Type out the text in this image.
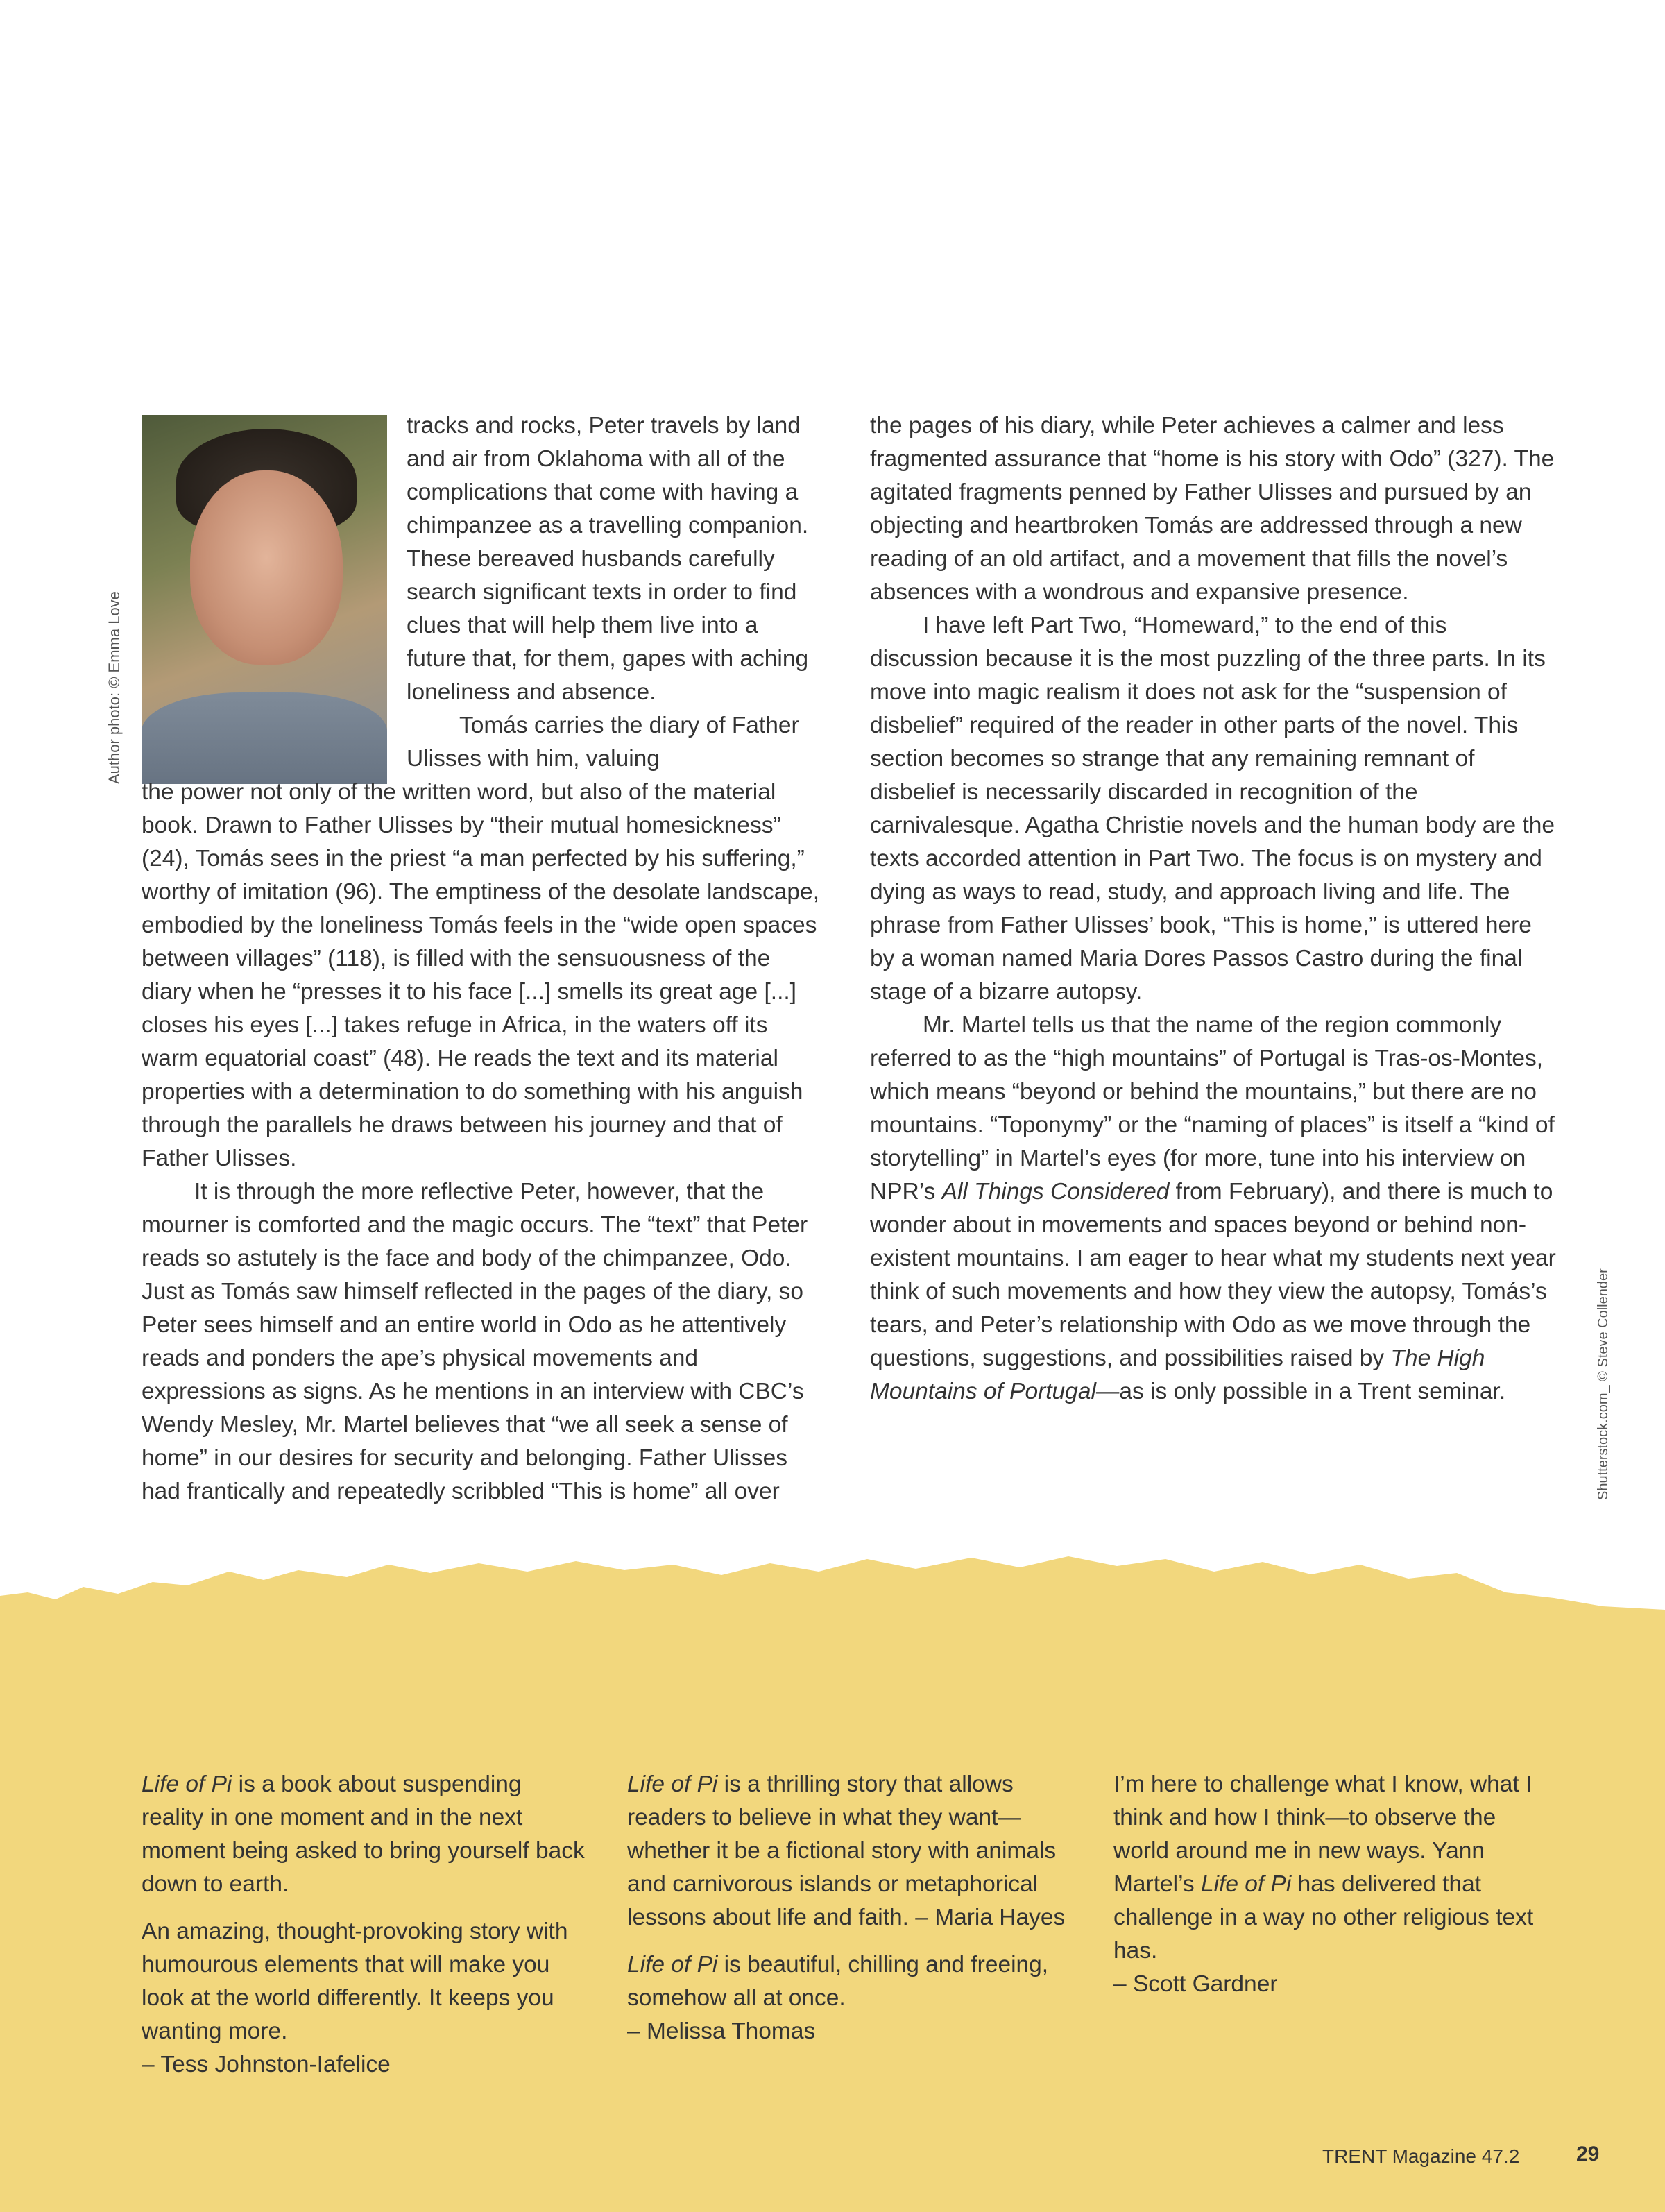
Author photo: © Emma Love
Shutterstock.com_ © Steve Collender

tracks and rocks, Peter travels by land and air from Oklahoma with all of the complications that come with having a chimpanzee as a travelling companion. These bereaved husbands carefully search significant texts in order to find clues that will help them live into a future that, for them, gapes with aching loneliness and absence.

Tomás carries the diary of Father Ulisses with him, valuing

the power not only of the written word, but also of the material book. Drawn to Father Ulisses by “their mutual homesickness” (24), Tomás sees in the priest “a man perfected by his suffering,” worthy of imitation (96). The emptiness of the desolate landscape, embodied by the loneliness Tomás feels in the “wide open spaces between villages” (118), is filled with the sensuousness of the diary when he “presses it to his face [...] smells its great age [...] closes his eyes [...] takes refuge in Africa, in the waters off its warm equatorial coast” (48). He reads the text and its material properties with a determination to do something with his anguish through the parallels he draws between his journey and that of Father Ulisses.

It is through the more reflective Peter, however, that the mourner is comforted and the magic occurs. The “text” that Peter reads so astutely is the face and body of the chimpanzee, Odo. Just as Tomás saw himself reflected in the pages of the diary, so Peter sees himself and an entire world in Odo as he attentively reads and ponders the ape’s physical movements and expressions as signs. As he mentions in an interview with CBC’s Wendy Mesley, Mr. Martel believes that “we all seek a sense of home” in our desires for security and belonging. Father Ulisses had frantically and repeatedly scribbled “This is home” all over

the pages of his diary, while Peter achieves a calmer and less fragmented assurance that “home is his story with Odo” (327). The agitated fragments penned by Father Ulisses and pursued by an objecting and heartbroken Tomás are addressed through a new reading of an old artifact, and a movement that fills the novel’s absences with a wondrous and expansive presence.

I have left Part Two, “Homeward,” to the end of this discussion because it is the most puzzling of the three parts. In its move into magic realism it does not ask for the “suspension of disbelief” required of the reader in other parts of the novel. This section becomes so strange that any remaining remnant of disbelief is necessarily discarded in recognition of the carnivalesque. Agatha Christie novels and the human body are the texts accorded attention in Part Two. The focus is on mystery and dying as ways to read, study, and approach living and life. The phrase from Father Ulisses’ book, “This is home,” is uttered here by a woman named Maria Dores Passos Castro during the final stage of a bizarre autopsy.

Mr. Martel tells us that the name of the region commonly referred to as the “high mountains” of Portugal is Tras-os-Montes, which means “beyond or behind the mountains,” but there are no mountains. “Toponymy” or the “naming of places” is itself a “kind of storytelling” in Martel’s eyes (for more, tune into his interview on NPR’s All Things Considered from February), and there is much to wonder about in movements and spaces beyond or behind non-existent mountains. I am eager to hear what my students next year think of such movements and how they view the autopsy, Tomás’s tears, and Peter’s relationship with Odo as we move through the questions, suggestions, and possibilities raised by The High Mountains of Portugal—as is only possible in a Trent seminar.

Life of Pi is a book about suspending reality in one moment and in the next moment being asked to bring yourself back down to earth.

An amazing, thought-provoking story with humourous elements that will make you look at the world differently. It keeps you wanting more.
– Tess Johnston-Iafelice

Life of Pi is a thrilling story that allows readers to believe in what they want—whether it be a fictional story with animals and carnivorous islands or metaphorical lessons about life and faith. – Maria Hayes

Life of Pi is beautiful, chilling and freeing, somehow all at once.
– Melissa Thomas

I’m here to challenge what I know, what I think and how I think—to observe the world around me in new ways. Yann Martel’s Life of Pi has delivered that challenge in a way no other religious text has.
– Scott Gardner

TRENT Magazine 47.2	29
